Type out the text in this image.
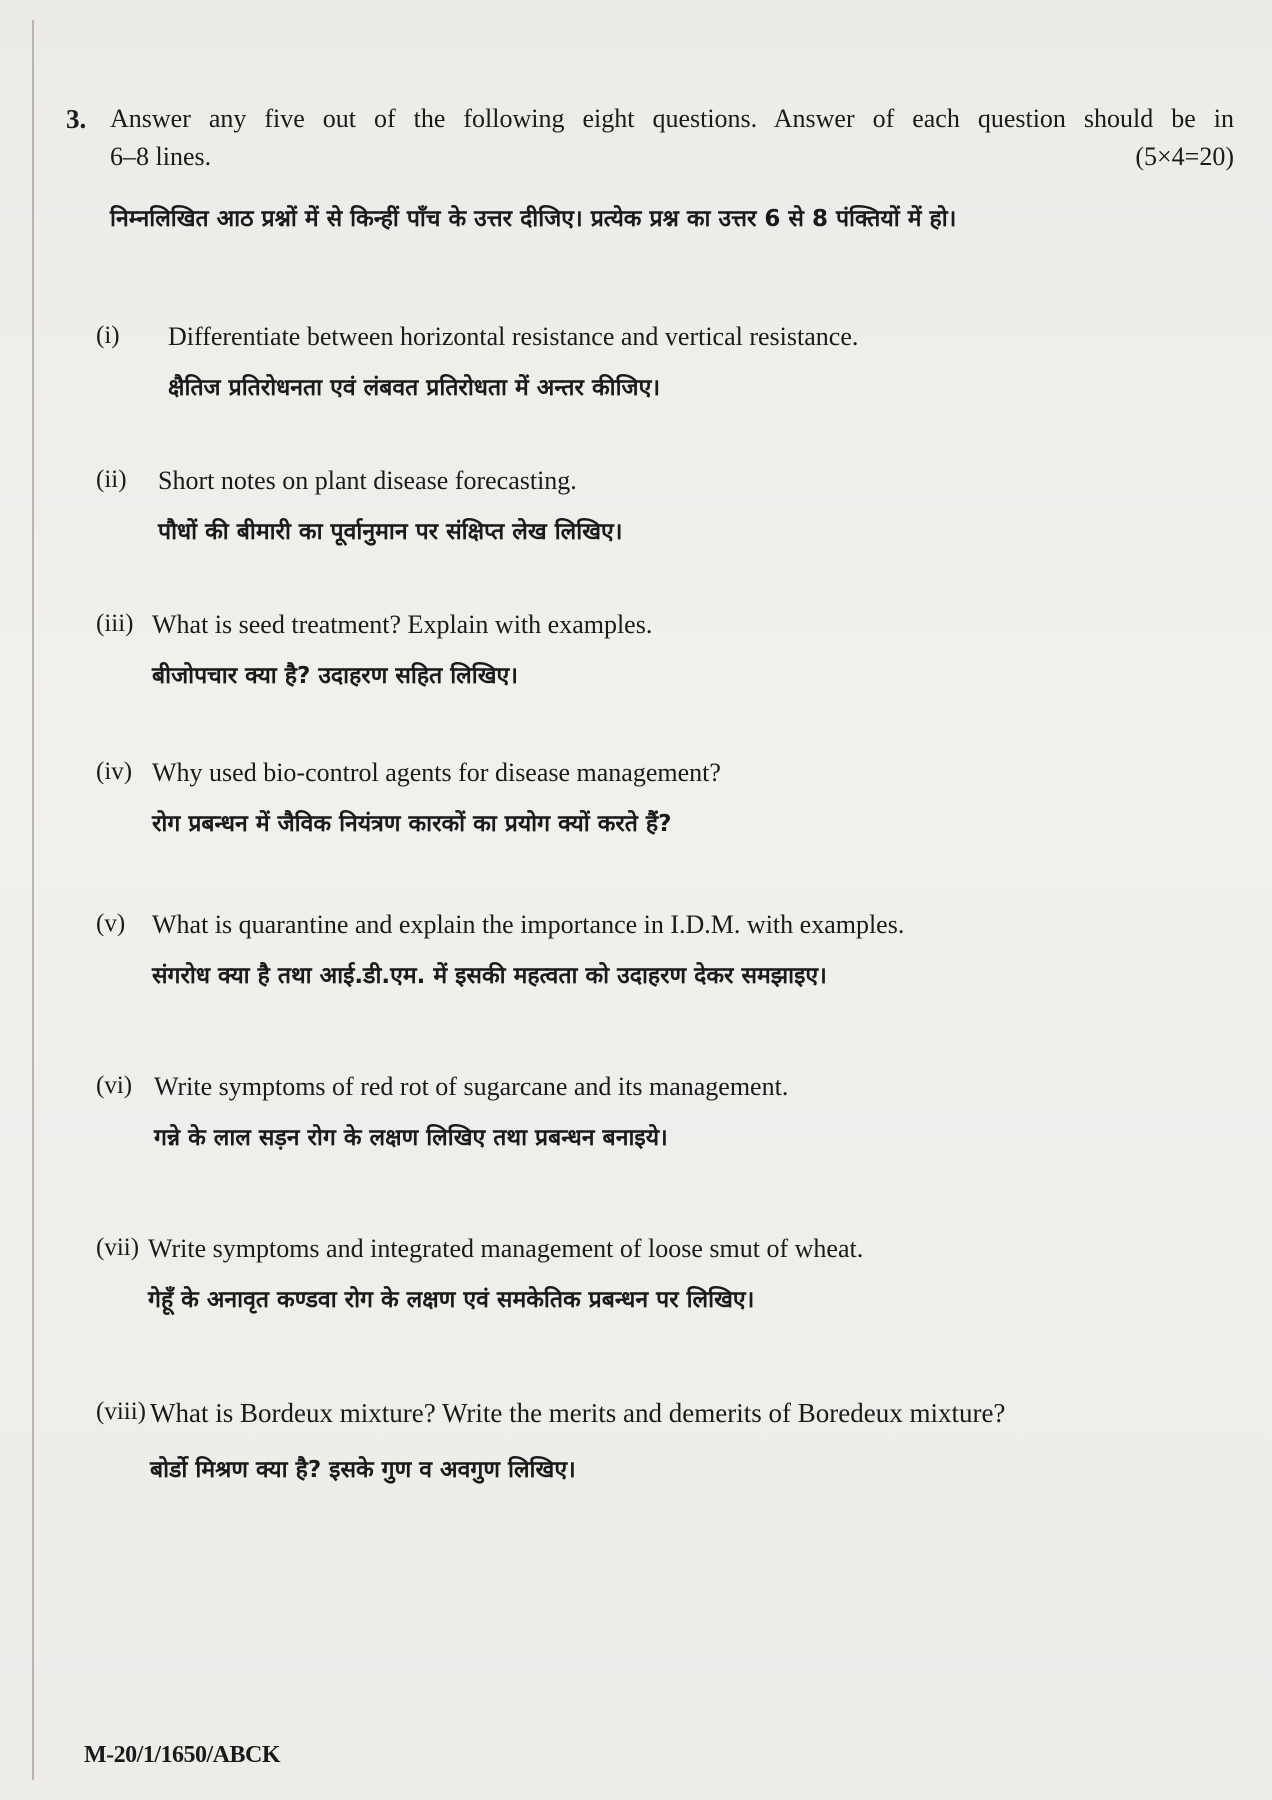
3. Answer any five out of the following eight questions. Answer of each question should be in
6–8 lines.	(5×4=20)
निम्नलिखित आठ प्रश्नों में से किन्हीं पाँच के उत्तर दीजिए। प्रत्येक प्रश्न का उत्तर 6 से 8 पंक्तियों में हो।
(i) Differentiate between horizontal resistance and vertical resistance.
क्षैतिज प्रतिरोधनता एवं लंबवत प्रतिरोधता में अन्तर कीजिए।
(ii) Short notes on plant disease forecasting.
पौधों की बीमारी का पूर्वानुमान पर संक्षिप्त लेख लिखिए।
(iii) What is seed treatment? Explain with examples.
बीजोपचार क्या है? उदाहरण सहित लिखिए।
(iv) Why used bio-control agents for disease management?
रोग प्रबन्धन में जैविक नियंत्रण कारकों का प्रयोग क्यों करते हैं?
(v) What is quarantine and explain the importance in I.D.M. with examples.
संगरोध क्या है तथा आई.डी.एम. में इसकी महत्वता को उदाहरण देकर समझाइए।
(vi) Write symptoms of red rot of sugarcane and its management.
गन्ने के लाल सड़न रोग के लक्षण लिखिए तथा प्रबन्धन बनाइये।
(vii) Write symptoms and integrated management of loose smut of wheat.
गेहूँ के अनावृत कण्डवा रोग के लक्षण एवं समकेतिक प्रबन्धन पर लिखिए।
(viii) What is Bordeux mixture? Write the merits and demerits of Boredeux mixture?
बोर्डो मिश्रण क्या है? इसके गुण व अवगुण लिखिए।
M-20/1/1650/ABCK
